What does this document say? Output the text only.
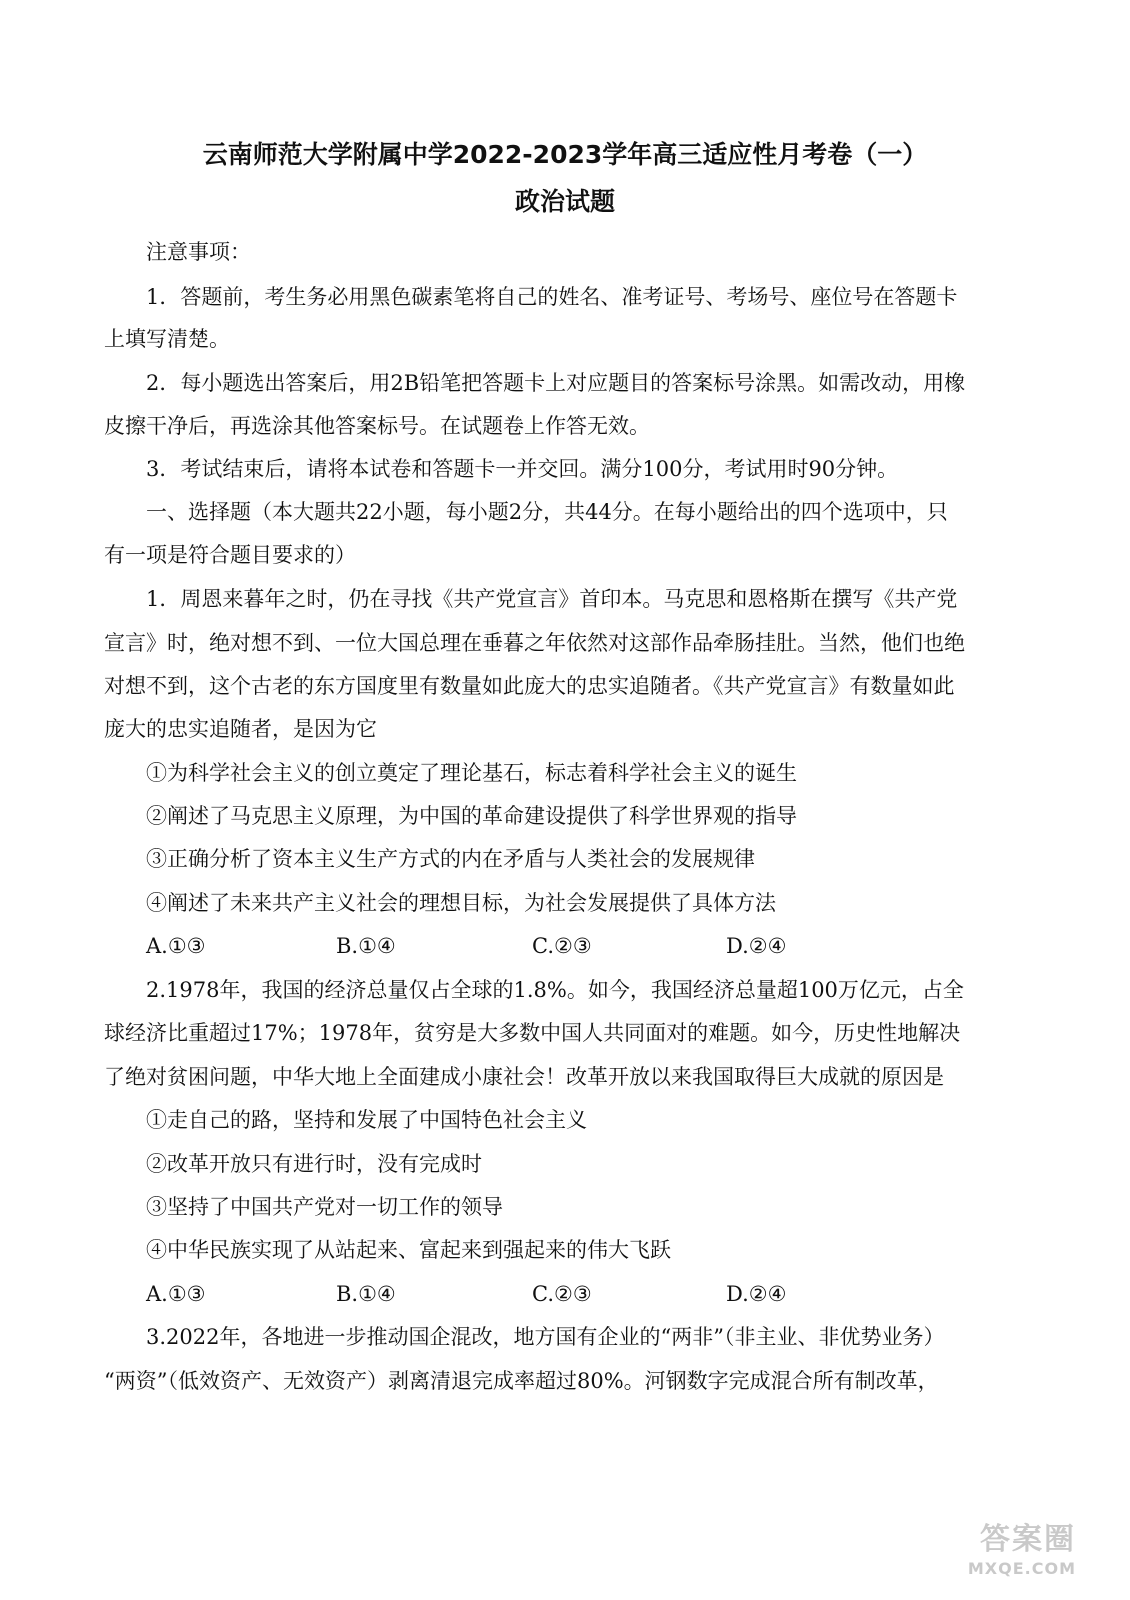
云南师范大学附属中学2022-2023学年高三适应性月考卷（一）
政治试题
注意事项：
1．答题前，考生务必用黑色碳素笔将自己的姓名、准考证号、考场号、座位号在答题卡
上填写清楚。
2．每小题选出答案后，用2B铅笔把答题卡上对应题目的答案标号涂黑。如需改动，用橡
皮擦干净后，再选涂其他答案标号。在试题卷上作答无效。
3．考试结束后，请将本试卷和答题卡一并交回。满分100分，考试用时90分钟。
一、选择题（本大题共22小题，每小题2分，共44分。在每小题给出的四个选项中，只
有一项是符合题目要求的）
1．周恩来暮年之时，仍在寻找《共产党宣言》首印本。马克思和恩格斯在撰写《共产党
宣言》时，绝对想不到、一位大国总理在垂暮之年依然对这部作品牵肠挂肚。当然，他们也绝
对想不到，这个古老的东方国度里有数量如此庞大的忠实追随者。《共产党宣言》有数量如此
庞大的忠实追随者，是因为它
①为科学社会主义的创立奠定了理论基石，标志着科学社会主义的诞生
②阐述了马克思主义原理，为中国的革命建设提供了科学世界观的指导
③正确分析了资本主义生产方式的内在矛盾与人类社会的发展规律
④阐述了未来共产主义社会的理想目标，为社会发展提供了具体方法
A.①③	B.①④	C.②③	D.②④
2.1978年，我国的经济总量仅占全球的1.8%。如今，我国经济总量超100万亿元，占全
球经济比重超过17%；1978年，贫穷是大多数中国人共同面对的难题。如今，历史性地解决
了绝对贫困问题，中华大地上全面建成小康社会！改革开放以来我国取得巨大成就的原因是
①走自己的路，坚持和发展了中国特色社会主义
②改革开放只有进行时，没有完成时
③坚持了中国共产党对一切工作的领导
④中华民族实现了从站起来、富起来到强起来的伟大飞跃
A.①③	B.①④	C.②③	D.②④
3.2022年，各地进一步推动国企混改，地方国有企业的“两非”（非主业、非优势业务）
“两资”（低效资产、无效资产）剥离清退完成率超过80%。河钢数字完成混合所有制改革，
答案圈
MXQE.COM
